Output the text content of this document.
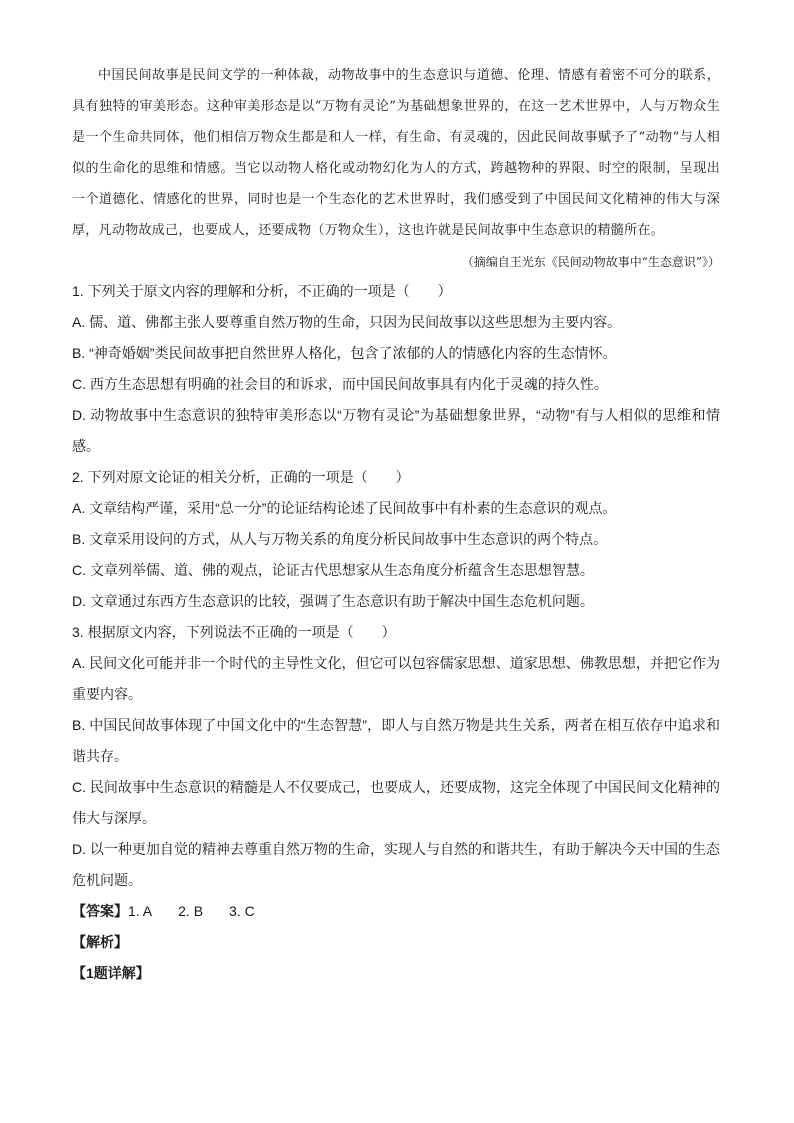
中国民间故事是民间文学的一种体裁，动物故事中的生态意识与道德、伦理、情感有着密不可分的联系，具有独特的审美形态。这种审美形态是以“万物有灵论”为基础想象世界的，在这一艺术世界中，人与万物众生是一个生命共同体，他们相信万物众生都是和人一样，有生命、有灵魂的，因此民间故事赋予了“动物”与人相似的生命化的思维和情感。当它以动物人格化或动物幻化为人的方式，跨越物种的界限、时空的限制，呈现出一个道德化、情感化的世界，同时也是一个生态化的艺术世界时，我们感受到了中国民间文化精神的伟大与深厚，凡动物故成己，也要成人，还要成物（万物众生），这也许就是民间故事中生态意识的精髓所在。

（摘编自王光东《民间动物故事中“生态意识”》）

1. 下列关于原文内容的理解和分析，不正确的一项是（　　）

A. 儒、道、佛都主张人要尊重自然万物的生命，只因为民间故事以这些思想为主要内容。

B. “神奇婚姻”类民间故事把自然世界人格化，包含了浓郁的人的情感化内容的生态情怀。

C. 西方生态思想有明确的社会目的和诉求，而中国民间故事具有内化于灵魂的持久性。

D. 动物故事中生态意识的独特审美形态以“万物有灵论”为基础想象世界，“动物”有与人相似的思维和情感。

2. 下列对原文论证的相关分析，正确的一项是（　　）

A. 文章结构严谨，采用“总一分”的论证结构论述了民间故事中有朴素的生态意识的观点。

B. 文章采用设问的方式，从人与万物关系的角度分析民间故事中生态意识的两个特点。

C. 文章列举儒、道、佛的观点，论证古代思想家从生态角度分析蕴含生态思想智慧。

D. 文章通过东西方生态意识的比较，强调了生态意识有助于解决中国生态危机问题。

3. 根据原文内容，下列说法不正确的一项是（　　）

A. 民间文化可能并非一个时代的主导性文化，但它可以包容儒家思想、道家思想、佛教思想，并把它作为重要内容。

B. 中国民间故事体现了中国文化中的“生态智慧”，即人与自然万物是共生关系，两者在相互依存中追求和谐共存。

C. 民间故事中生态意识的精髓是人不仅要成己，也要成人，还要成物，这完全体现了中国民间文化精神的伟大与深厚。

D. 以一种更加自觉的精神去尊重自然万物的生命，实现人与自然的和谐共生，有助于解决今天中国的生态危机问题。

【答案】1. A 2. B 3. C

【解析】

【1题详解】
